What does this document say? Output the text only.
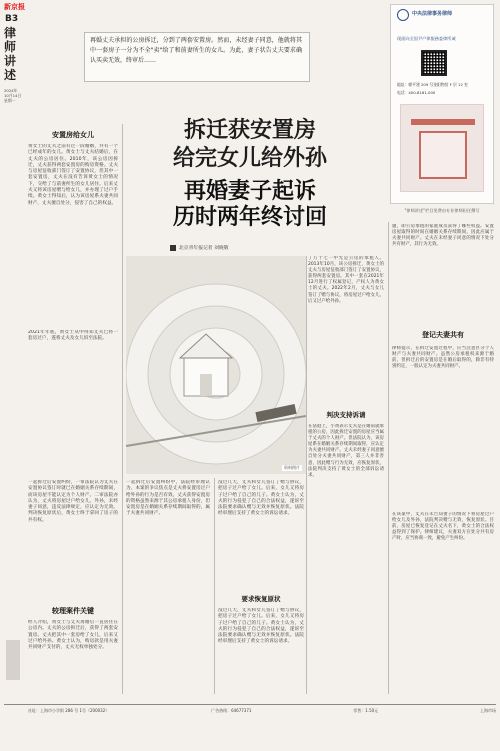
新京报
B3
律
师
讲
述
2024年
10月14日
星期一
再婚丈夫承担的公房拆迁，分到了两套安置房。然而，未经妻子同意，他就将其中一套房子一分为不全"卖"给了和前妻所生的女儿。为此，妻子状告丈夫要求确认买卖无效，终审后……
中央法律事务律师
现面向全国尹户律服務委律所诚
地址：朝平建 209 号金阳物馆 F 层 12 室
电话：400-8161-000
"律师讲述"栏目免费由专业律师担任撰写
拆迁获安置房
给完女儿给外孙
再婚妻子起诉
历时两年终讨回
北京青年报记者 刘晓敬
安置房给女儿
黄女士的丈夫之前有过一段婚姻，并有一个已经成年的女儿。黄女士与丈夫结婚后，在丈夫的公房居住。2010年，该公房因拆迁，丈夫获得两套安置房的购房资格。丈夫与房屋征收部门签订了安置协议，但其中一套安置房，丈夫在没有告诉黄女士的情况下，交给了与前妻所生的女儿居住。后来丈夫又将该房屋赠与给女儿，并办理了过户手续。黄女士得知后，认为该房屋系夫妻共同财产，丈夫擅自处分，侵害了自己的权益。
2021年年底，黄女士从中得知丈夫已将一套房过户，遂将丈夫及女儿诉至法院。
资料图片
了万十七一中光是公房的承租人。2013年10月，该公房拆迁，黄女士的丈夫与房屋征收部门签订了安置协议，获得两套安置房。其中一套在2021年12月进行了权属登记，产权人为黄女士的丈夫。2022年2月，丈夫与女儿签订了赠与协议，将房屋过户给女儿，后又过户给外孙。
判决支持诉请
在法庭上，小黄表示丈夫是在婚前就承租的公房，因此拆迁安置的房屋应当属于丈夫的个人财产。但法院认为，该房屋系在婚姻关系存续期间取得，应认定为夫妻共同财产。丈夫未经妻子同意擅自处分夫妻共同财产，第三人并非善意，因此赠与行为无效，应恢复原状，法院判决支持了黄女士的全部诉讼请求。
一起拆迁后安置纠纷，一审法院认为丈夫在安置协议签订时就已在婚姻关系存续期间，而该房屋不能认定为个人财产。二审法院亦认为，丈夫将房屋过户给女儿、外孙，未经妻子同意，违反法律规定，应认定为无效。判决恢复原状后，黄女士终于拿回了房子的共有权。
较理案件关键
经人介绍，黄女士与丈夫再婚后一直居住在公房内。丈夫的公房拆迁后，获得了两套安置房。丈夫把其中一套房给了女儿，后来又过户给外孙。黄女士认为，购房款是用夫妻共同财产支付的，丈夫无权单独处分。
一起拆迁后安置纠纷中，法院经审理认为，本案的争议焦点是丈夫将安置房过户给外孙的行为是否有效。丈夫获得安置房的资格虽然来源于其公房承租人身份，但安置房是在婚姻关系存续期间取得的，属于夫妻共同财产。
没过几天，丈夫和女儿签订了赠与协议，把房子过户给了女儿。后来，女儿又将房子过户给了自己的儿子。黄女士认为，丈夫的行为侵犯了自己的合法权益，遂诉至法院要求确认赠与无效并恢复原状。法院经审理后支持了黄女士的诉讼请求。
要求恢复原状
没过几天，丈夫和女儿签订了赠与协议，把房子过户给了女儿。后来，女儿又将房子过户给了自己的儿子。黄女士认为，丈夫的行为侵犯了自己的合法权益，遂诉至法院要求确认赠与无效并恢复原状。法院经审理后支持了黄女士的诉讼请求。
题，即公房承租的家庭成员获得了哪些权益。安置房屋取得的时间在婚姻关系存续期间，因此应属于夫妻共同财产。丈夫在未经妻子同意的情况下处分共有财产，其行为无效。
登记夫妻共有
律师提示，在拆迁安置过程中，应当注意区分个人财产与夫妻共同财产。虽然公房承租权来源于婚前，但拆迁后的安置房是在婚后取得的，除非有特别约定，一般认定为夫妻共同财产。
在该案中，丈夫在未告知妻子的情况下将房屋过户给女儿及外孙，法院判决赠与无效，恢复原状。目前，房屋已恢复登记在丈夫名下，黄女士的合法权益得到了保护。律师建议，夫妻双方在处分共有房产时，应当协商一致，避免产生纠纷。
社址：上海市小学街 286 号 1号（200032）	广告热线：64677371	零售：1.50元	上海市场
